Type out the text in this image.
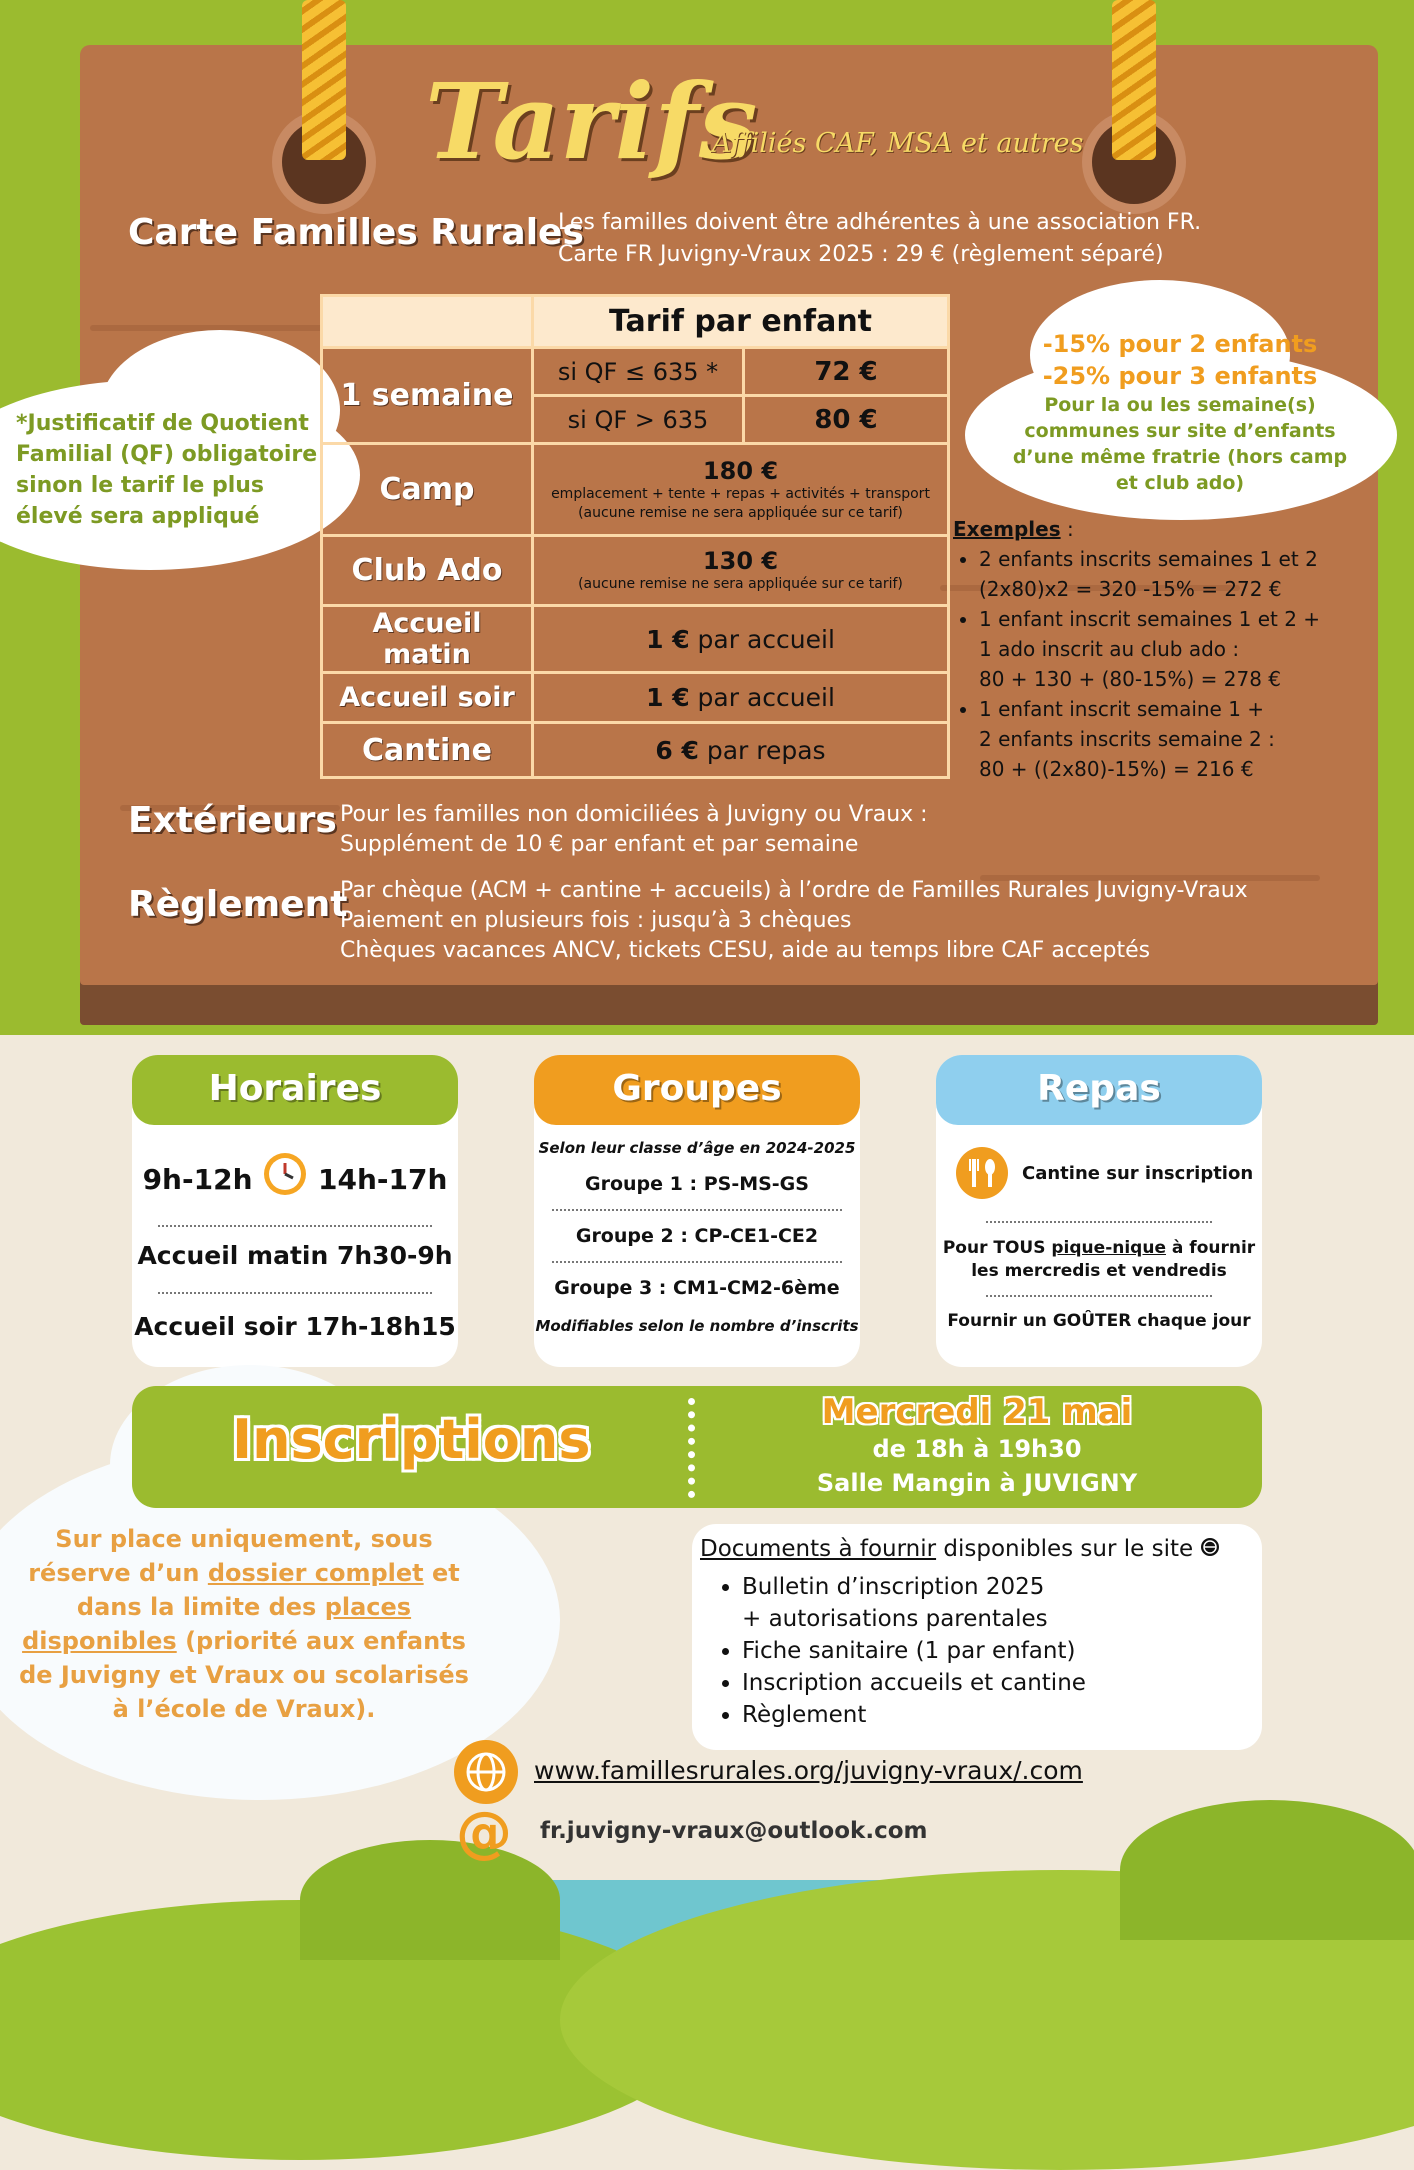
Tarifs
Affiliés CAF, MSA et autres
Carte Familles Rurales
Les familles doivent être adhérentes à une association FR.
Carte FR Juvigny-Vraux 2025 : 29 € (règlement séparé)
*Justificatif de Quotient Familial (QF) obligatoire sinon le tarif le plus élevé sera appliqué
	Tarif par enfant	
1 semaine	si QF ≤ 635 *	72 €
	si QF > 635	80 €
Camp	180 €
emplacement + tente + repas + activités + transport
(aucune remise ne sera appliquée sur ce tarif)	

Club Ado	130 €
(aucune remise ne sera appliquée sur ce tarif)	

Accueil matin	1 € par accueil	
Accueil soir	1 € par accueil	
Cantine	6 € par repas	
-15% pour 2 enfants
-25% pour 3 enfants
Pour la ou les semaine(s) communes sur site d’enfants d’une même fratrie (hors camp et club ado)
Exemples :
• 2 enfants inscrits semaines 1 et 2
(2x80)x2 = 320 -15% = 272 €
• 1 enfant inscrit semaines 1 et 2 +
1 ado inscrit au club ado :
80 + 130 + (80-15%) = 278 €
• 1 enfant inscrit semaine 1 +
2 enfants inscrits semaine 2 :
80 + ((2x80)-15%) = 216 €
Extérieurs Pour les familles non domiciliées à Juvigny ou Vraux :
Supplément de 10 € par enfant et par semaine
Règlement
Par chèque (ACM + cantine + accueils) à l’ordre de Familles Rurales Juvigny-Vraux
Paiement en plusieurs fois : jusqu’à 3 chèques
Chèques vacances ANCV, tickets CESU, aide au temps libre CAF acceptés
Horaires
9h-12h 14h-17h
Accueil matin 7h30-9h
Accueil soir 17h-18h15
Groupes
Selon leur classe d’âge en 2024-2025
Groupe 1 : PS-MS-GS
Groupe 2 : CP-CE1-CE2
Groupe 3 : CM1-CM2-6ème
Modifiables selon le nombre d’inscrits
Repas
Cantine sur inscription
Pour TOUS pique-nique à fournir
les mercredis et vendredis
Fournir un GOÛTER chaque jour
Inscriptions	Mercredi 21 mai
de 18h à 19h30
Salle Mangin à JUVIGNY
Sur place uniquement, sous réserve d’un dossier complet et dans la limite des places disponibles (priorité aux enfants de Juvigny et Vraux ou scolarisés à l’école de Vraux).
Documents à fournir disponibles sur le site
• Bulletin d’inscription 2025
+ autorisations parentales
• Fiche sanitaire (1 par enfant)
• Inscription accueils et cantine
• Règlement
www.famillesrurales.org/juvigny-vraux/.com
@ fr.juvigny-vraux@outlook.com
